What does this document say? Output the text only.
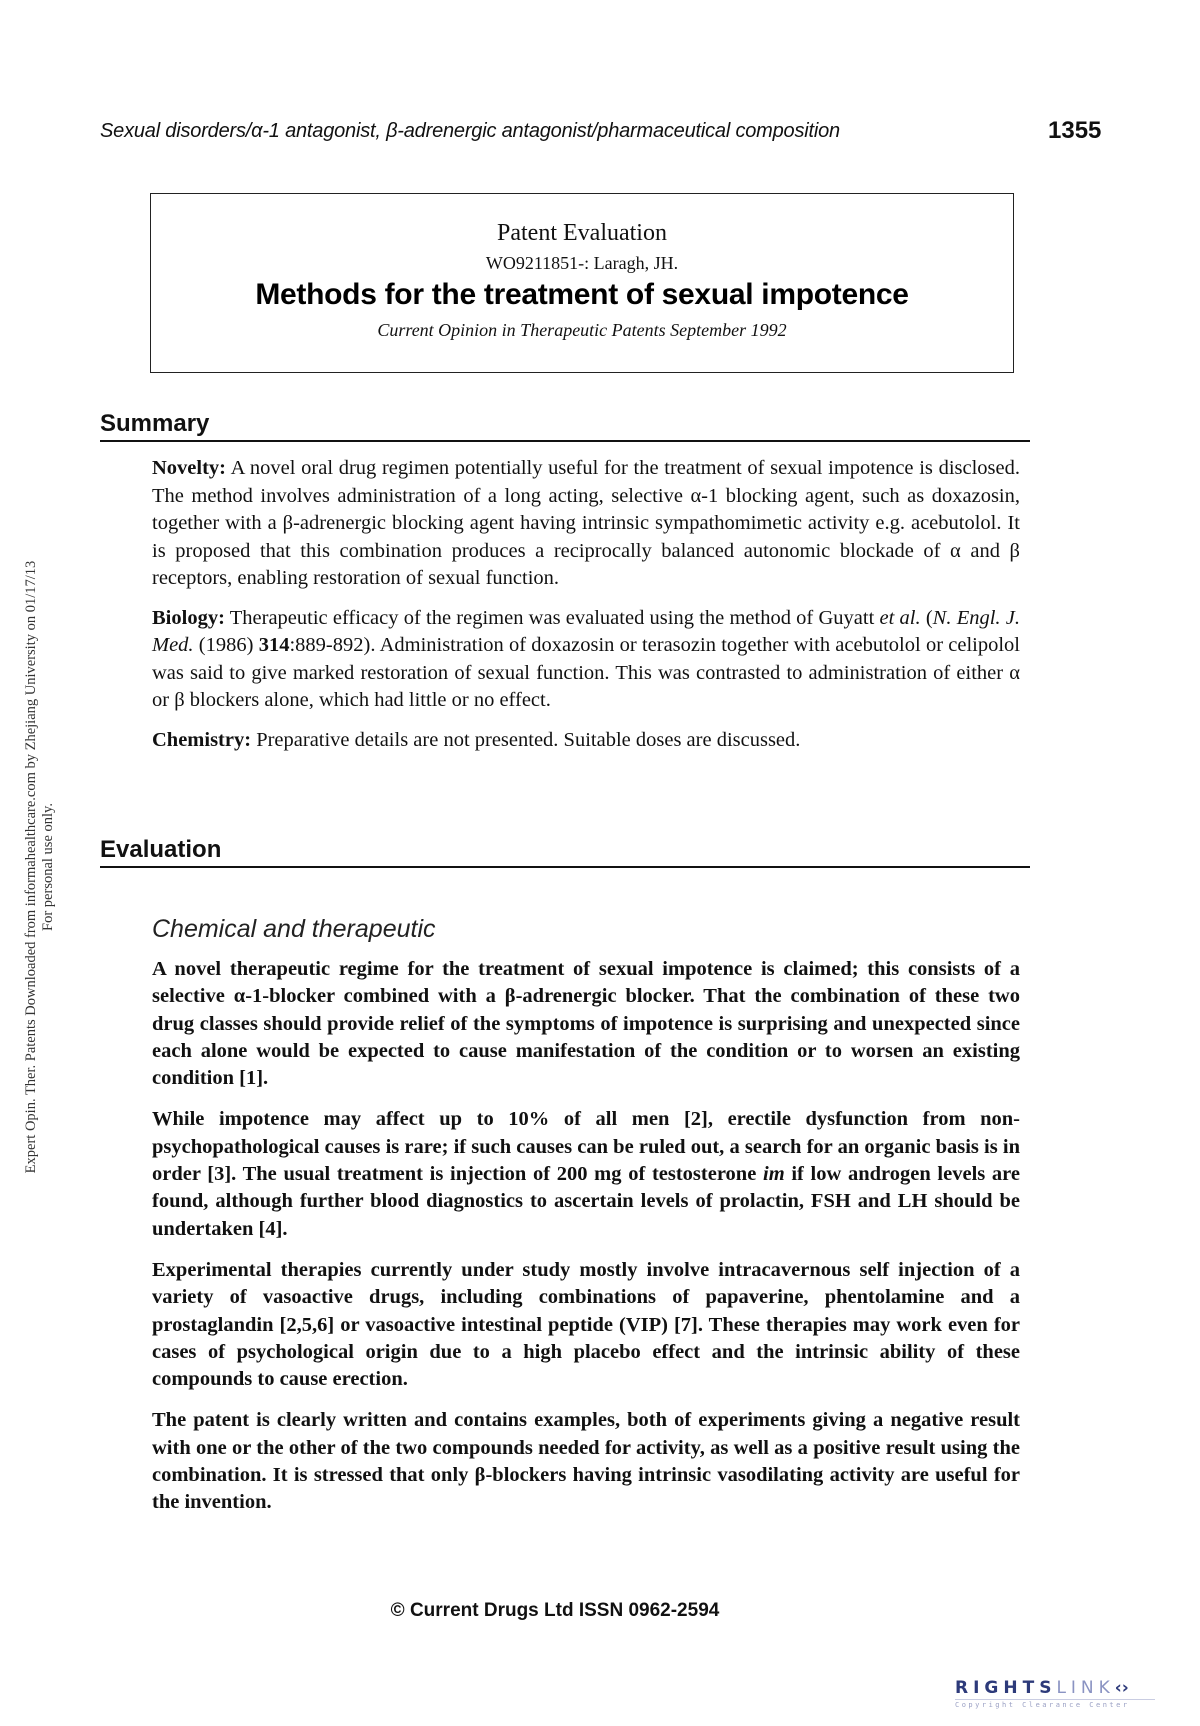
Sexual disorders/α-1 antagonist, β-adrenergic antagonist/pharmaceutical composition	1355
Patent Evaluation
WO9211851-: Laragh, JH.
Methods for the treatment of sexual impotence
Current Opinion in Therapeutic Patents September 1992
Summary

Novelty: A novel oral drug regimen potentially useful for the treatment of sexual impotence is disclosed. The method involves administration of a long acting, selective α-1 blocking agent, such as doxazosin, together with a β-adrenergic blocking agent having intrinsic sympathomimetic activity e.g. acebutolol. It is proposed that this combination produces a reciprocally balanced autonomic blockade of α and β receptors, enabling restoration of sexual function.

Biology: Therapeutic efficacy of the regimen was evaluated using the method of Guyatt et al. (N. Engl. J. Med. (1986) 314:889-892). Administration of doxazosin or terasozin together with acebutolol or celipolol was said to give marked restoration of sexual function. This was contrasted to administration of either α or β blockers alone, which had little or no effect.

Chemistry: Preparative details are not presented. Suitable doses are discussed.

Evaluation
Chemical and therapeutic

A novel therapeutic regime for the treatment of sexual impotence is claimed; this consists of a selective α-1-blocker combined with a β-adrenergic blocker. That the combination of these two drug classes should provide relief of the symptoms of impotence is surprising and unexpected since each alone would be expected to cause manifestation of the condition or to worsen an existing condition [1].

While impotence may affect up to 10% of all men [2], erectile dysfunction from non-psychopathological causes is rare; if such causes can be ruled out, a search for an organic basis is in order [3]. The usual treatment is injection of 200 mg of testosterone im if low androgen levels are found, although further blood diagnostics to ascertain levels of prolactin, FSH and LH should be undertaken [4].

Experimental therapies currently under study mostly involve intracavernous self injection of a variety of vasoactive drugs, including combinations of papaverine, phentolamine and a prostaglandin [2,5,6] or vasoactive intestinal peptide (VIP) [7]. These therapies may work even for cases of psychological origin due to a high placebo effect and the intrinsic ability of these compounds to cause erection.

The patent is clearly written and contains examples, both of experiments giving a negative result with one or the other of the two compounds needed for activity, as well as a positive result using the combination. It is stressed that only β-blockers having intrinsic vasodilating activity are useful for the invention.

© Current Drugs Ltd ISSN 0962-2594
Expert Opin. Ther. Patents Downloaded from informahealthcare.com by Zhejiang University on 01/17/13 For personal use only.
RIGHTSLINK‹›
Copyright Clearance Center
